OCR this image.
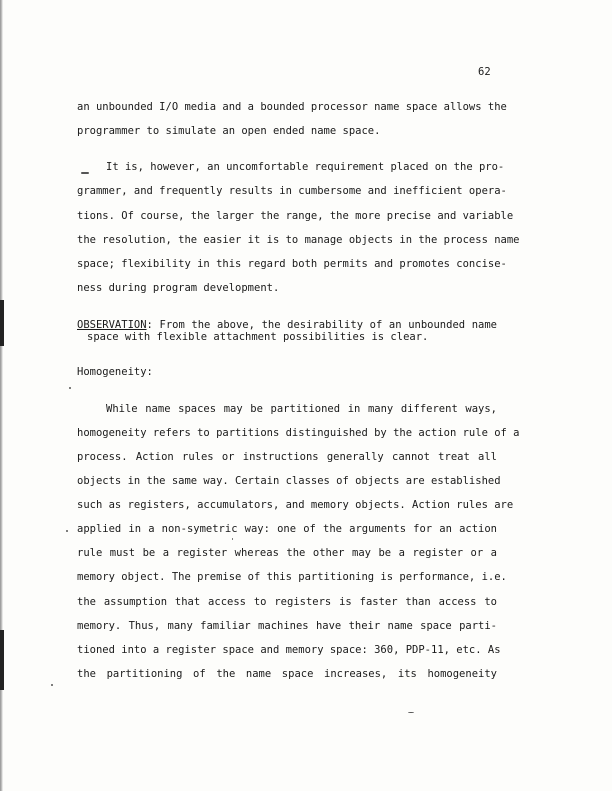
62
an unbounded I/O media and a bounded processor name space allows the
programmer to simulate an open ended name space.
It is, however, an uncomfortable requirement placed on the pro-
grammer, and frequently results in cumbersome and inefficient opera-
tions. Of course, the larger the range, the more precise and variable
the resolution, the easier it is to manage objects in the process name
space; flexibility in this regard both permits and promotes concise-
ness during program development.
OBSERVATION: From the above, the desirability of an unbounded name
space with flexible attachment possibilities is clear.
Homogeneity:
While name spaces may be partitioned in many different ways,
homogeneity refers to partitions distinguished by the action rule of a
process. Action rules or instructions generally cannot treat all
objects in the same way. Certain classes of objects are established
such as registers, accumulators, and memory objects. Action rules are
applied in a non-symetric way: one of the arguments for an action
rule must be a register whereas the other may be a register or a
memory object. The premise of this partitioning is performance, i.e.
the assumption that access to registers is faster than access to
memory. Thus, many familiar machines have their name space parti-
tioned into a register space and memory space: 360, PDP-11, etc. As
the partitioning of the name space increases, its homogeneity
